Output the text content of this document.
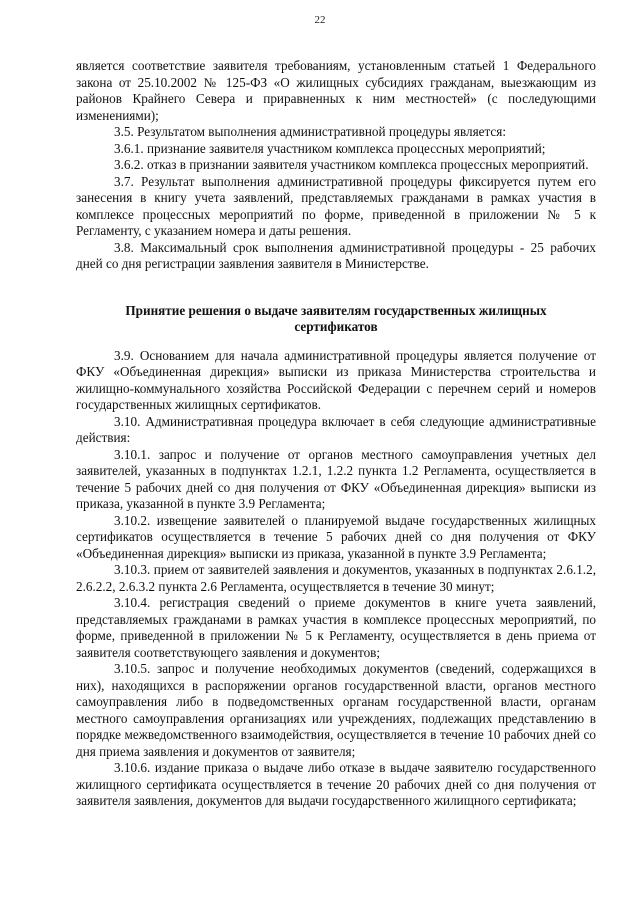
22

является соответствие заявителя требованиям, установленным статьей 1 Федерального закона от 25.10.2002 № 125-ФЗ «О жилищных субсидиях гражданам, выезжающим из районов Крайнего Севера и приравненных к ним местностей» (с последующими изменениями);

3.5. Результатом выполнения административной процедуры является:

3.6.1. признание заявителя участником комплекса процессных мероприятий;

3.6.2. отказ в признании заявителя участником комплекса процессных мероприятий.

3.7. Результат выполнения административной процедуры фиксируется путем его занесения в книгу учета заявлений, представляемых гражданами в рамках участия в комплексе процессных мероприятий по форме, приведенной в приложении № 5 к Регламенту, с указанием номера и даты решения.

3.8. Максимальный срок выполнения административной процедуры - 25 рабочих дней со дня регистрации заявления заявителя в Министерстве.

Принятие решения о выдаче заявителям государственных жилищных сертификатов

3.9. Основанием для начала административной процедуры является получение от ФКУ «Объединенная дирекция» выписки из приказа Министерства строительства и жилищно-коммунального хозяйства Российской Федерации с перечнем серий и номеров государственных жилищных сертификатов.

3.10. Административная процедура включает в себя следующие административные действия:

3.10.1. запрос и получение от органов местного самоуправления учетных дел заявителей, указанных в подпунктах 1.2.1, 1.2.2 пункта 1.2 Регламента, осуществляется в течение 5 рабочих дней со дня получения от ФКУ «Объединенная дирекция» выписки из приказа, указанной в пункте 3.9 Регламента;

3.10.2. извещение заявителей о планируемой выдаче государственных жилищных сертификатов осуществляется в течение 5 рабочих дней со дня получения от ФКУ «Объединенная дирекция» выписки из приказа, указанной в пункте 3.9 Регламента;

3.10.3. прием от заявителей заявления и документов, указанных в подпунктах 2.6.1.2, 2.6.2.2, 2.6.3.2 пункта 2.6 Регламента, осуществляется в течение 30 минут;

3.10.4. регистрация сведений о приеме документов в книге учета заявлений, представляемых гражданами в рамках участия в комплексе процессных мероприятий, по форме, приведенной в приложении № 5 к Регламенту, осуществляется в день приема от заявителя соответствующего заявления и документов;

3.10.5. запрос и получение необходимых документов (сведений, содержащихся в них), находящихся в распоряжении органов государственной власти, органов местного самоуправления либо в подведомственных органам государственной власти, органам местного самоуправления организациях или учреждениях, подлежащих представлению в порядке межведомственного взаимодействия, осуществляется в течение 10 рабочих дней со дня приема заявления и документов от заявителя;

3.10.6. издание приказа о выдаче либо отказе в выдаче заявителю государственного жилищного сертификата осуществляется в течение 20 рабочих дней со дня получения от заявителя заявления, документов для выдачи государственного жилищного сертификата;
